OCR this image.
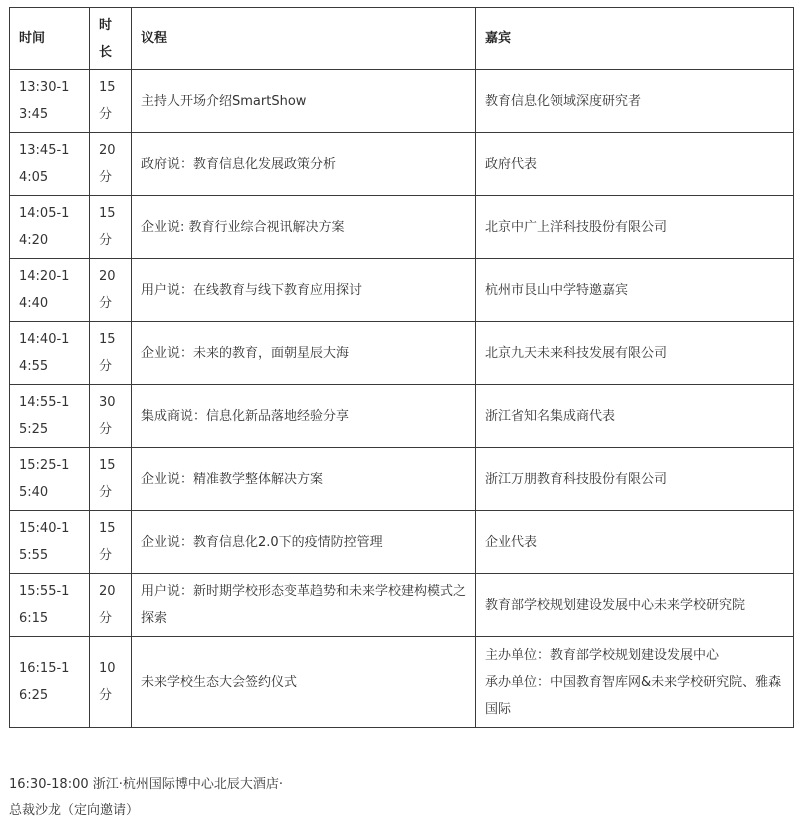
时间	时长	议程	嘉宾
13:30-13:45	15分	主持人开场介绍SmartShow	教育信息化领域深度研究者

13:45-14:05	20分	政府说：教育信息化发展政策分析	政府代表

14:05-14:20	15分	企业说: 教育行业综合视讯解决方案	北京中广上洋科技股份有限公司

14:20-14:40	20分	用户说：在线教育与线下教育应用探讨	杭州市艮山中学特邀嘉宾

14:40-14:55	15分	企业说：未来的教育，面朝星辰大海	北京九天未来科技发展有限公司

14:55-15:25	30分	集成商说：信息化新品落地经验分享	浙江省知名集成商代表

15:25-15:40	15分	企业说：精准教学整体解决方案	浙江万朋教育科技股份有限公司

15:40-15:55	15分	企业说：教育信息化2.0下的疫情防控管理	企业代表

15:55-16:15	20分	用户说：新时期学校形态变革趋势和未来学校建构模式之探索	教育部学校规划建设发展中心未来学校研究院

16:15-16:25	10分	未来学校生态大会签约仪式	主办单位：教育部学校规划建设发展中心
承办单位：中国教育智库网&未来学校研究院、雅森国际
16:30-18:00 浙江·杭州国际博中心北辰大酒店·
总裁沙龙（定向邀请）
